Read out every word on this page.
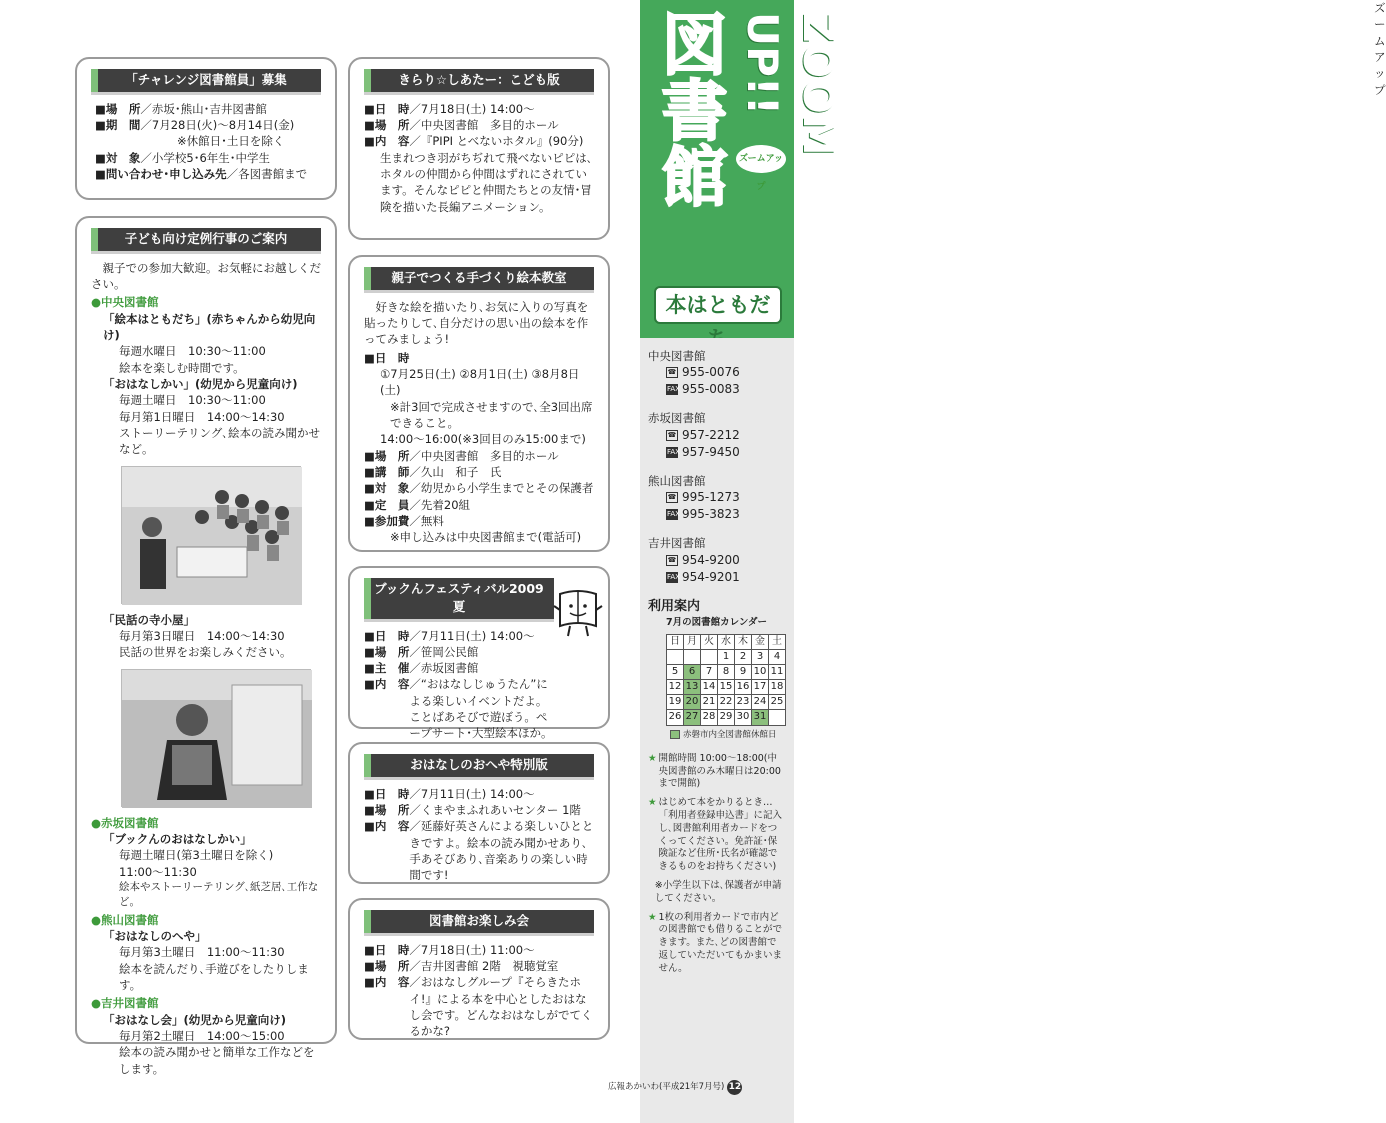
「チャレンジ図書館員」募集
■場　所 ／赤坂･熊山･吉井図書館
■期　間 ／7月28日(火)〜8月14日(金)
※休館日･土日を除く
■対　象 ／小学校5･6年生･中学生
■問い合わせ･申し込み先 ／各図書館まで
子ども向け定例行事のご案内
親子での参加大歓迎。お気軽にお越しください。
●中央図書館
「絵本はともだち」(赤ちゃんから幼児向け)
毎週水曜日　10:30〜11:00
絵本を楽しむ時間です。
「おはなしかい」(幼児から児童向け)
毎週土曜日　10:30〜11:00
毎月第1日曜日　14:00〜14:30
ストーリーテリング､絵本の読み聞かせなど。
「民話の寺小屋」
毎月第3日曜日　14:00〜14:30
民話の世界をお楽しみください。
●赤坂図書館
「ブックんのおはなしかい」
毎週土曜日(第3土曜日を除く)
11:00〜11:30
絵本やストーリーテリング､紙芝居､工作など。
●熊山図書館
「おはなしのへや」
毎月第3土曜日　11:00〜11:30
絵本を読んだり､手遊びをしたりします。
●吉井図書館
「おはなし会」(幼児から児童向け)
毎月第2土曜日　14:00〜15:00
絵本の読み聞かせと簡単な工作などをします。
きらり☆しあたー：こども版
■日　時 ／7月18日(土) 14:00〜
■場　所 ／中央図書館　多目的ホール
■内　容 ／『PIPI とべないホタル』(90分)
生まれつき羽がちぢれて飛べないピピは､ホタルの仲間から仲間はずれにされています。そんなピピと仲間たちとの友情･冒険を描いた長編アニメーション。
親子でつくる手づくり絵本教室
好きな絵を描いたり､お気に入りの写真を貼ったりして､自分だけの思い出の絵本を作ってみましょう!
■日　時
①7月25日(土) ②8月1日(土) ③8月8日(土)
※計3回で完成させますので､全3回出席できること。
14:00〜16:00(※3回目のみ15:00まで)
■場　所 ／中央図書館　多目的ホール
■講　師 ／久山　和子　氏
■対　象 ／幼児から小学生までとその保護者
■定　員 ／先着20組
■参加費 ／無料
※申し込みは中央図書館まで(電話可)
ブックんフェスティバル2009夏
■日　時 ／7月11日(土) 14:00〜
■場　所 ／笹岡公民館
■主　催 ／赤坂図書館
■内　容 ／“おはなしじゅうたん”による楽しいイベントだよ。ことばあそびで遊ぼう。ペープサート･大型絵本ほか。
おはなしのおへや特別版
■日　時 ／7月11日(土) 14:00〜
■場　所 ／くまやまふれあいセンター 1階
■内　容 ／延藤好英さんによる楽しいひとときですよ。絵本の読み聞かせあり､手あそびあり､音楽ありの楽しい時間です!
図書館お楽しみ会
■日　時 ／7月18日(土) 11:00〜
■場　所 ／吉井図書館 2階　視聴覚室
■内　容 ／おはなしグループ『そらきたホイ!』による本を中心としたおはなし会です。どんなおはなしがでてくるかな?
ズームアップ
図書館	ZOOM UP!!
ズームアップ
本はともだ
中央図書館
☎ 955-0076
FAX 955-0083
赤坂図書館
☎ 957-2212
FAX 957-9450
熊山図書館
☎ 995-1273
FAX 995-3823
吉井図書館
☎ 954-9200
FAX 954-9201
利用案内
7月の図書館カレンダー
日	月	火	水	木	金	土
			1	2	3	4
5	6	7	8	9	10	11
12	13	14	15	16	17	18
19	20	21	22	23	24	25
26	27	28	29	30	31	
赤磐市内全図書館休館日
★ 開館時間 10:00〜18:00(中央図書館のみ木曜日は20:00まで開館)
★ はじめて本をかりるとき…「利用者登録申込書」に記入し､図書館利用者カードをつくってください。免許証･保険証など住所･氏名が確認できるものをお持ちください)
※小学生以下は､保護者が申請してください。
★ 1枚の利用者カードで市内どの図書館でも借りることができます。また､どの図書館で返していただいてもかまいません。
広報あかいわ(平成21年7月号) 12
